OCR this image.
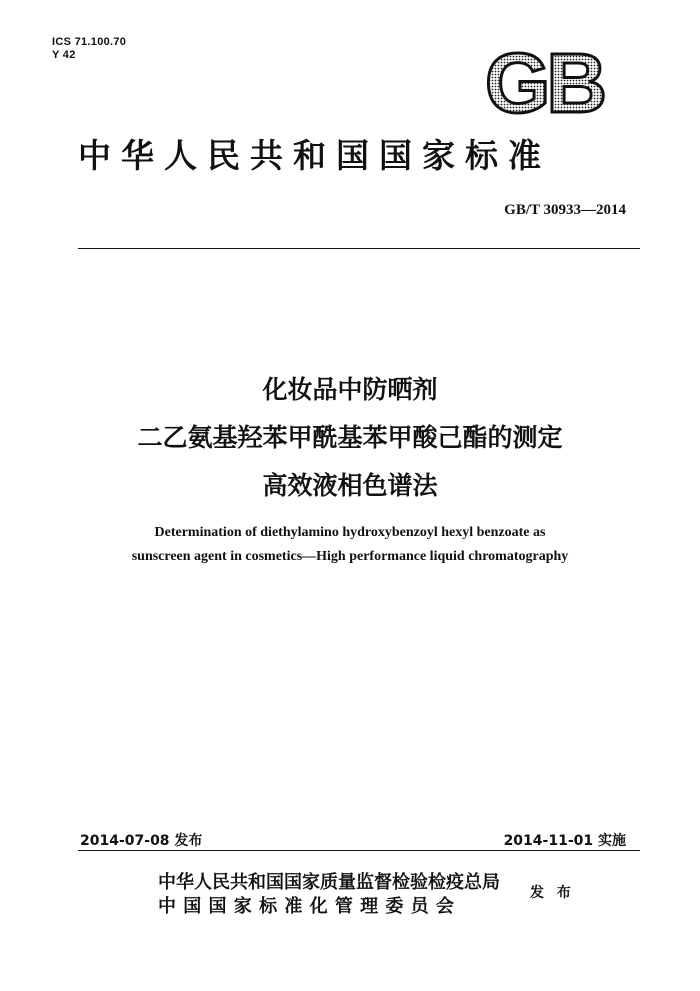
ICS 71.100.70
Y 42	GB
中华人民共和国国家标准
GB/T 30933—2014
化妆品中防晒剂
二乙氨基羟苯甲酰基苯甲酸己酯的测定
高效液相色谱法
Determination of diethylamino hydroxybenzoyl hexyl benzoate as
sunscreen agent in cosmetics—High performance liquid chromatography
2014-07-08 发布	2014-11-01 实施
中华人民共和国国家质量监督检验检疫总局
中 国 国 家 标 准 化 管 理 委 员 会
发 布
